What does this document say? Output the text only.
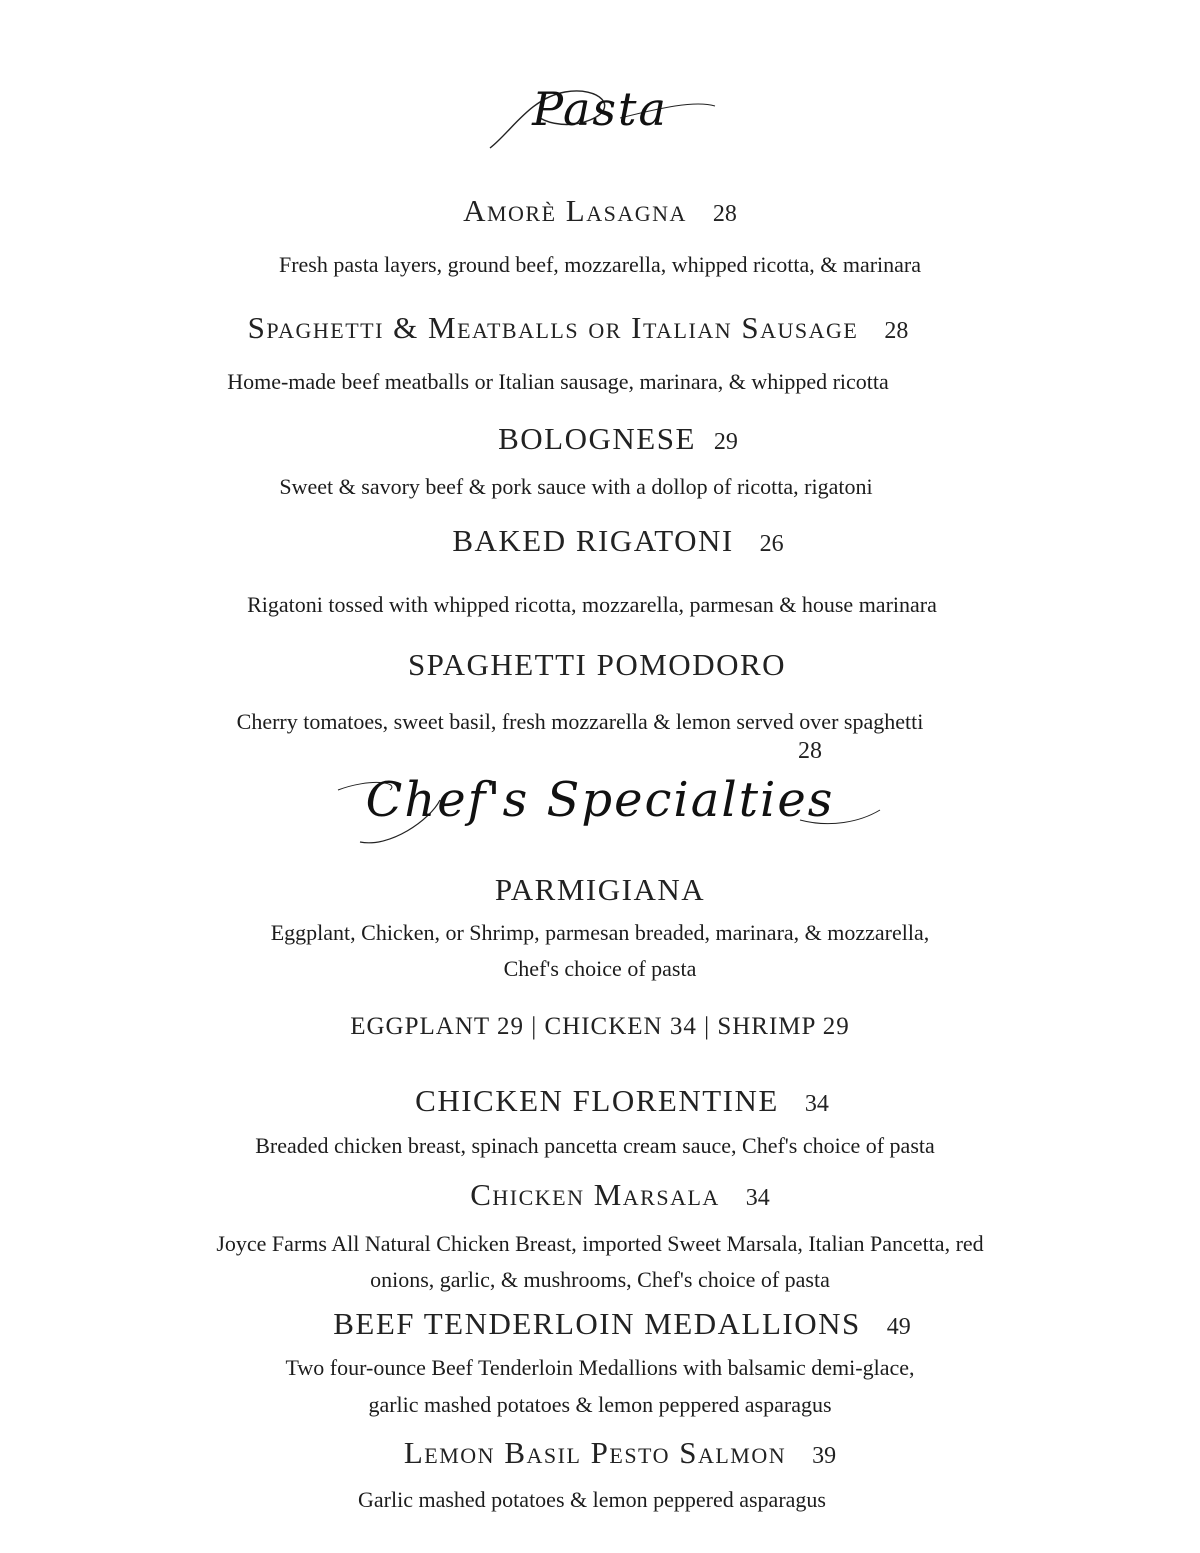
Pasta
Amorè Lasagna 28
Fresh pasta layers, ground beef, mozzarella, whipped ricotta, & marinara
Spaghetti & Meatballs or Italian Sausage 28
Home-made beef meatballs or Italian sausage, marinara, & whipped ricotta
BOLOGNESE 29
Sweet & savory beef & pork sauce with a dollop of ricotta, rigatoni
BAKED RIGATONI 26
Rigatoni tossed with whipped ricotta, mozzarella, parmesan & house marinara
SPAGHETTI POMODORO
Cherry tomatoes, sweet basil, fresh mozzarella & lemon served over spaghetti
28
Chef's Specialties
PARMIGIANA
Eggplant, Chicken, or Shrimp, parmesan breaded, marinara, & mozzarella,
Chef's choice of pasta
EGGPLANT 29 | CHICKEN 34 | SHRIMP 29
CHICKEN FLORENTINE 34
Breaded chicken breast, spinach pancetta cream sauce, Chef's choice of pasta
Chicken Marsala 34
Joyce Farms All Natural Chicken Breast, imported Sweet Marsala, Italian Pancetta, red
onions, garlic, & mushrooms, Chef's choice of pasta
BEEF TENDERLOIN MEDALLIONS 49
Two four-ounce Beef Tenderloin Medallions with balsamic demi-glace,
garlic mashed potatoes & lemon peppered asparagus
Lemon Basil Pesto Salmon 39
Garlic mashed potatoes & lemon peppered asparagus
